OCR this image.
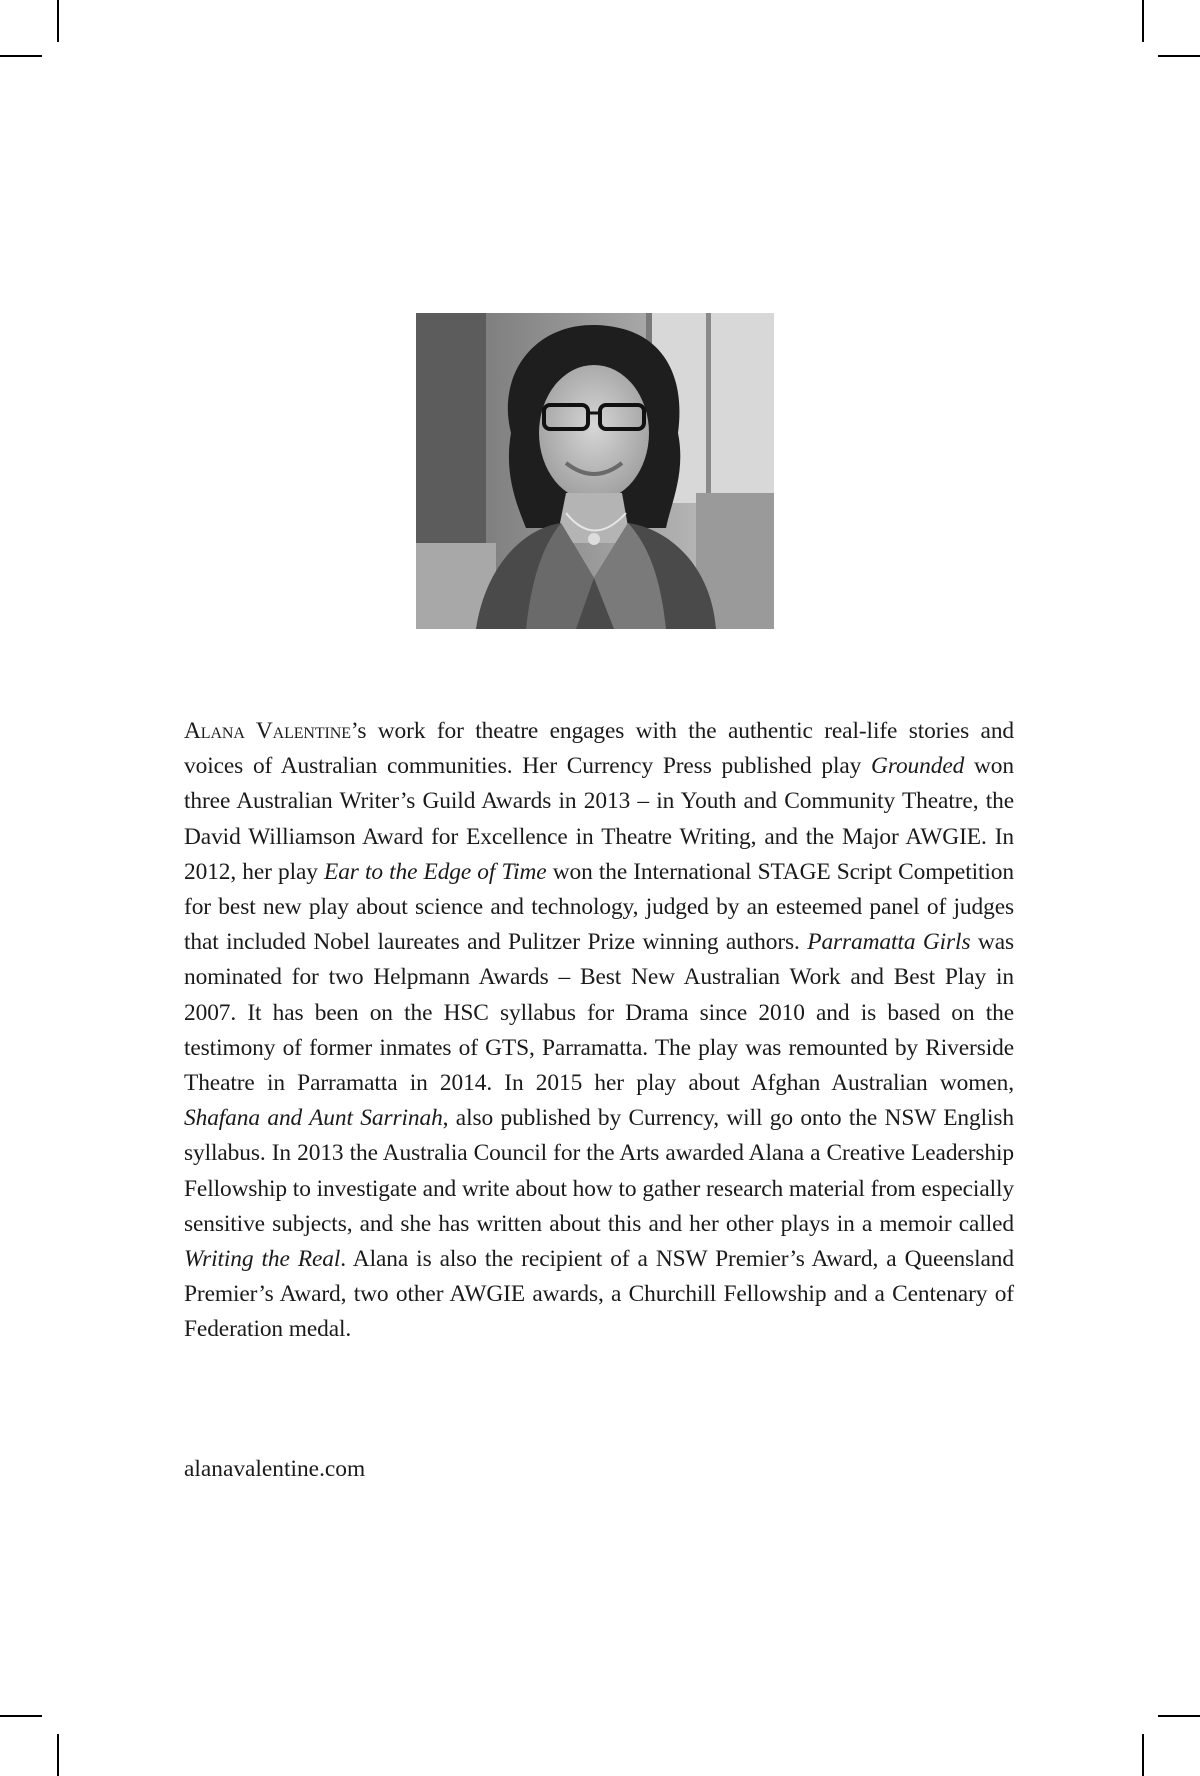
Alana Valentine’s work for theatre engages with the authentic real-life stories and voices of Australian communities. Her Currency Press published play Grounded won three Australian Writer’s Guild Awards in 2013 – in Youth and Community Theatre, the David Williamson Award for Excellence in Theatre Writing, and the Major AWGIE. In 2012, her play Ear to the Edge of Time won the International STAGE Script Competition for best new play about science and technology, judged by an esteemed panel of judges that included Nobel laureates and Pulitzer Prize winning authors. Parramatta Girls was nominated for two Helpmann Awards – Best New Australian Work and Best Play in 2007. It has been on the HSC syllabus for Drama since 2010 and is based on the testimony of former inmates of GTS, Parramatta. The play was remounted by Riverside Theatre in Parramatta in 2014. In 2015 her play about Afghan Australian women, Shafana and Aunt Sarrinah, also published by Currency, will go onto the NSW English syllabus. In 2013 the Australia Council for the Arts awarded Alana a Creative Leadership Fellowship to investigate and write about how to gather research material from especially sensitive subjects, and she has written about this and her other plays in a memoir called Writing the Real. Alana is also the recipient of a NSW Premier’s Award, a Queensland Premier’s Award, two other AWGIE awards, a Churchill Fellowship and a Centenary of Federation medal.

alanavalentine.com
